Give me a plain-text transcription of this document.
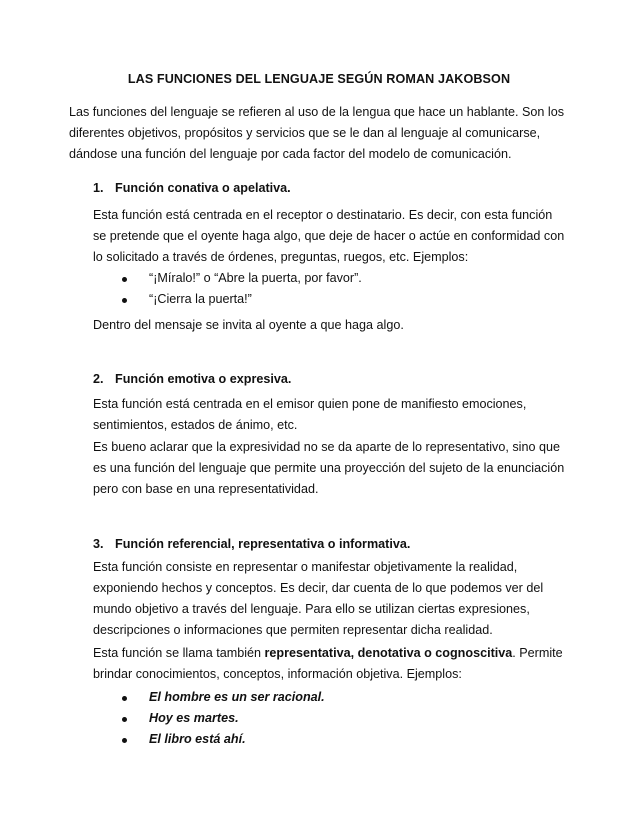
LAS FUNCIONES DEL LENGUAJE SEGÚN ROMAN JAKOBSON

Las funciones del lenguaje se refieren al uso de la lengua que hace un hablante. Son los diferentes objetivos, propósitos y servicios que se le dan al lenguaje al comunicarse, dándose una función del lenguaje por cada factor del modelo de comunicación.

1. Función conativa o apelativa.

Esta función está centrada en el receptor o destinatario. Es decir, con esta función se pretende que el oyente haga algo, que deje de hacer o actúe en conformidad con lo solicitado a través de órdenes, preguntas, ruegos, etc. Ejemplos:

“¡Míralo!” o “Abre la puerta, por favor”.
“¡Cierra la puerta!”

Dentro del mensaje se invita al oyente a que haga algo.

2. Función emotiva o expresiva.

Esta función está centrada en el emisor quien pone de manifiesto emociones, sentimientos, estados de ánimo, etc.

Es bueno aclarar que la expresividad no se da aparte de lo representativo, sino que es una función del lenguaje que permite una proyección del sujeto de la enunciación pero con base en una representatividad.

3. Función referencial, representativa o informativa.

Esta función consiste en representar o manifestar objetivamente la realidad, exponiendo hechos y conceptos. Es decir, dar cuenta de lo que podemos ver del mundo objetivo a través del lenguaje. Para ello se utilizan ciertas expresiones, descripciones o informaciones que permiten representar dicha realidad.

Esta función se llama también representativa, denotativa o cognoscitiva. Permite brindar conocimientos, conceptos, información objetiva. Ejemplos:

El hombre es un ser racional.
Hoy es martes.
El libro está ahí.
